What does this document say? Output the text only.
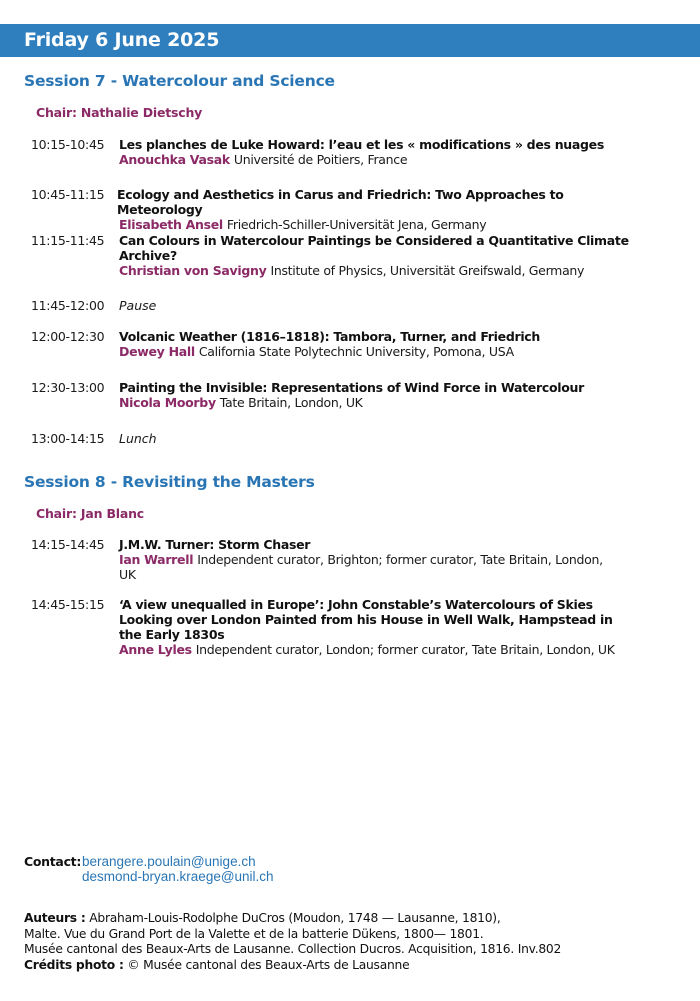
Friday 6 June 2025
Session 7 - Watercolour and Science
Chair: Nathalie Dietschy
10:15-10:45 Les planches de Luke Howard: l’eau et les « modifications » des nuages
Anouchka Vasak Université de Poitiers, France
10:45-11:15 Ecology and Aesthetics in Carus and Friedrich: Two Approaches to Meteorology
Elisabeth Ansel Friedrich-Schiller-Universität Jena, Germany
11:15-11:45 Can Colours in Watercolour Paintings be Considered a Quantitative Climate Archive?
Christian von Savigny Institute of Physics, Universität Greifswald, Germany
11:45-12:00 Pause
12:00-12:30 Volcanic Weather (1816–1818): Tambora, Turner, and Friedrich
Dewey Hall California State Polytechnic University, Pomona, USA
12:30-13:00 Painting the Invisible: Representations of Wind Force in Watercolour
Nicola Moorby Tate Britain, London, UK
13:00-14:15 Lunch
Session 8 - Revisiting the Masters
Chair: Jan Blanc
14:15-14:45 J.M.W. Turner: Storm Chaser
Ian Warrell Independent curator, Brighton; former curator, Tate Britain, London, UK
14:45-15:15 ‘A view unequalled in Europe’: John Constable’s Watercolours of Skies Looking over London Painted from his House in Well Walk, Hampstead in the Early 1830s
Anne Lyles Independent curator, London; former curator, Tate Britain, London, UK
Contact: berangere.poulain@unige.ch
desmond-bryan.kraege@unil.ch
Auteurs : Abraham-Louis-Rodolphe DuCros (Moudon, 1748 — Lausanne, 1810),
Malte. Vue du Grand Port de la Valette et de la batterie Dükens, 1800— 1801.
Musée cantonal des Beaux-Arts de Lausanne. Collection Ducros. Acquisition, 1816. Inv.802
Crédits photo : © Musée cantonal des Beaux-Arts de Lausanne
